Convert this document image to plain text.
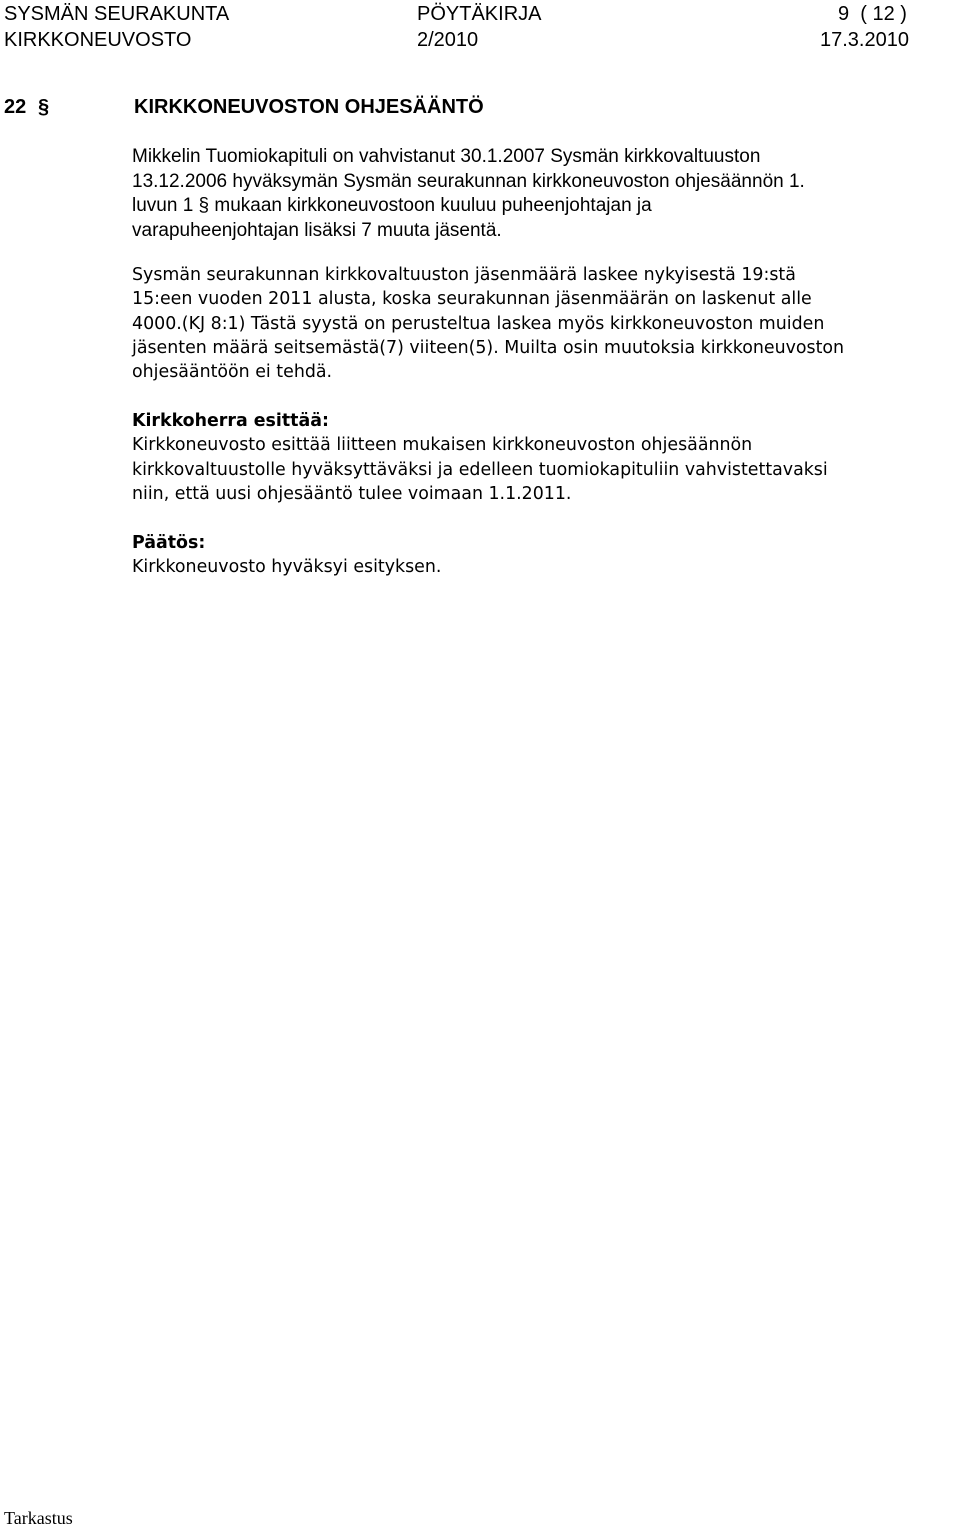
SYSMÄN SEURAKUNTA
KIRKKONEUVOSTO
PÖYTÄKIRJA
2/2010
9  ( 12 )
17.3.2010
22 §	KIRKKONEUVOSTON OHJESÄÄNTÖ

Mikkelin Tuomiokapituli on vahvistanut 30.1.2007 Sysmän kirkkovaltuuston
13.12.2006 hyväksymän Sysmän seurakunnan kirkkoneuvoston ohjesäännön 1.
luvun 1 § mukaan kirkkoneuvostoon kuuluu puheenjohtajan ja
varapuheenjohtajan lisäksi 7 muuta jäsentä.

Sysmän seurakunnan kirkkovaltuuston jäsenmäärä laskee nykyisestä 19:stä
15:een vuoden 2011 alusta, koska seurakunnan jäsenmäärän on laskenut alle
4000.(KJ 8:1) Tästä syystä on perusteltua laskea myös kirkkoneuvoston muiden
jäsenten määrä seitsemästä(7) viiteen(5). Muilta osin muutoksia kirkkoneuvoston
ohjesääntöön ei tehdä.

Kirkkoherra esittää:
Kirkkoneuvosto esittää liitteen mukaisen kirkkoneuvoston ohjesäännön
kirkkovaltuustolle hyväksyttäväksi ja edelleen tuomiokapituliin vahvistettavaksi
niin, että uusi ohjesääntö tulee voimaan 1.1.2011.

Päätös:
Kirkkoneuvosto hyväksyi esityksen.

Tarkastus
